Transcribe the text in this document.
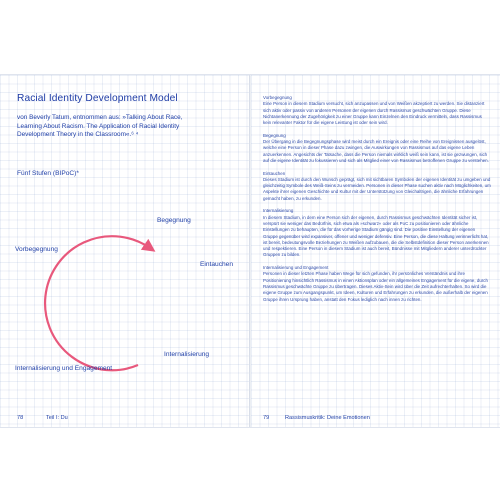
Racial Identity Development Model

von Beverly Tatum, entnommen aus: »Talking About Race, Learning About Racism. The Application of Racial Identity Development Theory in the Classroom«.⁶ ⁴

Fünf Stufen (BIPoC)*
Vorbegegnung
Begegnung
Eintauchen
Internalisierung
Internalisierung und Engagement
78	Teil I: Du
Vorbegegnung
Eine Person in diesem Stadium versucht, sich anzupassen und von Weißen akzeptiert zu werden. Sie distanziert sich aktiv oder passiv von anderen Personen der eigenen durch Rassismus geschwächten Gruppe. Diese Nichtanerkennung der Zugehörigkeit zu einer Gruppe kann Einzelnen den Eindruck vermitteln, dass Rassismus kein relevanter Faktor für die eigene Leistung ist oder sein wird.
Begegnung
Der Übergang in die Begegnungsphase wird meist durch ein Ereignis oder eine Reihe von Ereignissen ausgelöst, welche eine Person in dieser Phase dazu zwingen, die Auswirkungen von Rassismus auf das eigene Leben anzuerkennen. Angesichts der Tatsache, dass die Person niemals wirklich weiß sein kann, ist sie gezwungen, sich auf die eigene Identität zu fokussieren und sich als Mitglied einer von Rassismus betroffenen Gruppe zu verstehen.
Eintauchen
Dieses Stadium ist durch den Wunsch geprägt, sich mit sichtbaren Symbolen der eigenen Identität zu umgeben und gleichzeitig Symbole des Weiß-Seins zu vermeiden. Personen in dieser Phase suchen aktiv nach Möglichkeiten, um Aspekte ihrer eigenen Geschichte und Kultur mit der Unterstützung von Gleichaltrigen, die ähnliche Erfahrungen gemacht haben, zu erkunden.
Internalisierung
In diesem Stadium, in dem eine Person sich der eigenen, durch Rassismus geschwächten Identität sicher ist, verspürt sie weniger das Bedürfnis, sich etwa als »schwarz« oder als PoC zu positionieren oder ähnliche Einstellungen zu behaupten, die für das vorherige Stadium gängig sind. Die positive Einstellung der eigenen Gruppe gegenüber wird expansiver, offener und weniger defensiv. Eine Person, die diese Haltung verinnerlicht hat, ist bereit, bedeutungsvolle Beziehungen zu Weißen aufzubauen, die die Selbstdefinition dieser Person anerkennen und respektieren. Eine Person in diesem Stadium ist auch bereit, Bündnisse mit Mitgliedern anderer unterdrückter Gruppen zu bilden.
Internalisierung und Engagement
Personen in dieser letzten Phase haben Wege für sich gefunden, ihr persönliches Verständnis und ihre Positionierung hinsichtlich Rassismus in einen Aktionsplan oder ein allgemeines Engagement für die eigene, durch Rassismus geschwächte Gruppe zu übertragen. Dieses Aktiv-Sein wird über die Zeit aufrechterhalten. So wird die eigene Gruppe zum Ausgangspunkt, um Ideen, Kulturen und Erfahrungen zu erkunden, die außerhalb der eigenen Gruppe ihren Ursprung haben, anstatt den Fokus lediglich nach innen zu richten.
79	Rassismuskritik: Deine Emotionen
